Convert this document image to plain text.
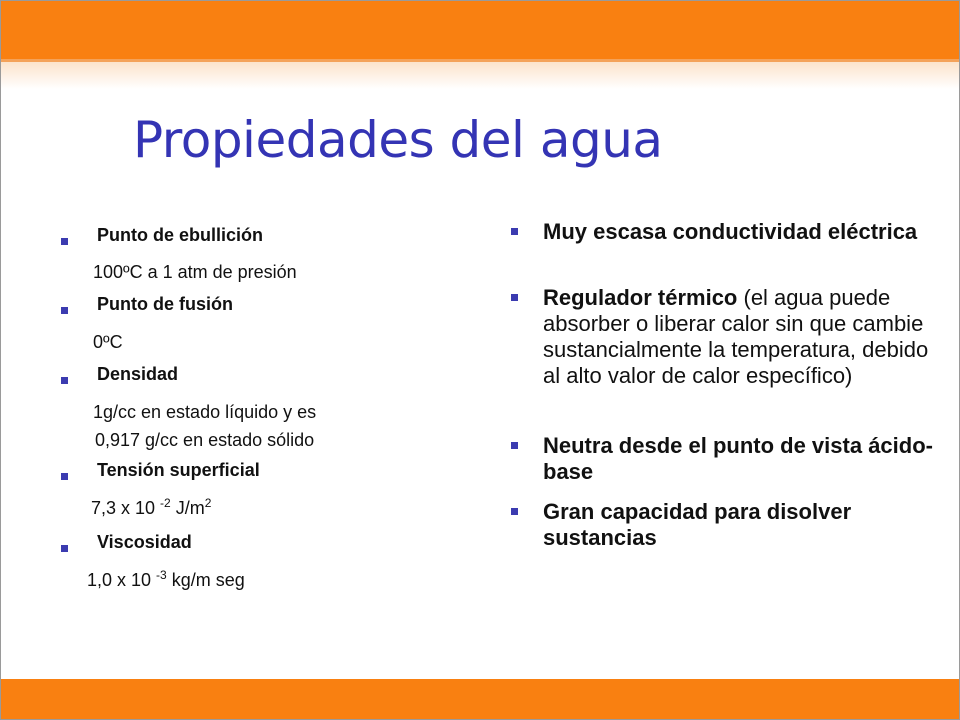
Propiedades del agua
Punto de ebullición
100ºC a 1 atm de presión
Punto de fusión
0ºC
Densidad
1g/cc en estado líquido y es
0,917 g/cc en estado sólido
Tensión superficial
7,3 x 10 $^{-2}$ $J/m^2$
Viscosidad
1,0 x 10 $^{-3}$ kg/m seg
Muy escasa conductividad eléctrica
Regulador térmico (el agua puede absorber o liberar calor sin que cambie sustancialmente la temperatura, debido al alto valor de calor específico)
Neutra desde el punto de vista ácido-base
Gran capacidad para disolver sustancias
